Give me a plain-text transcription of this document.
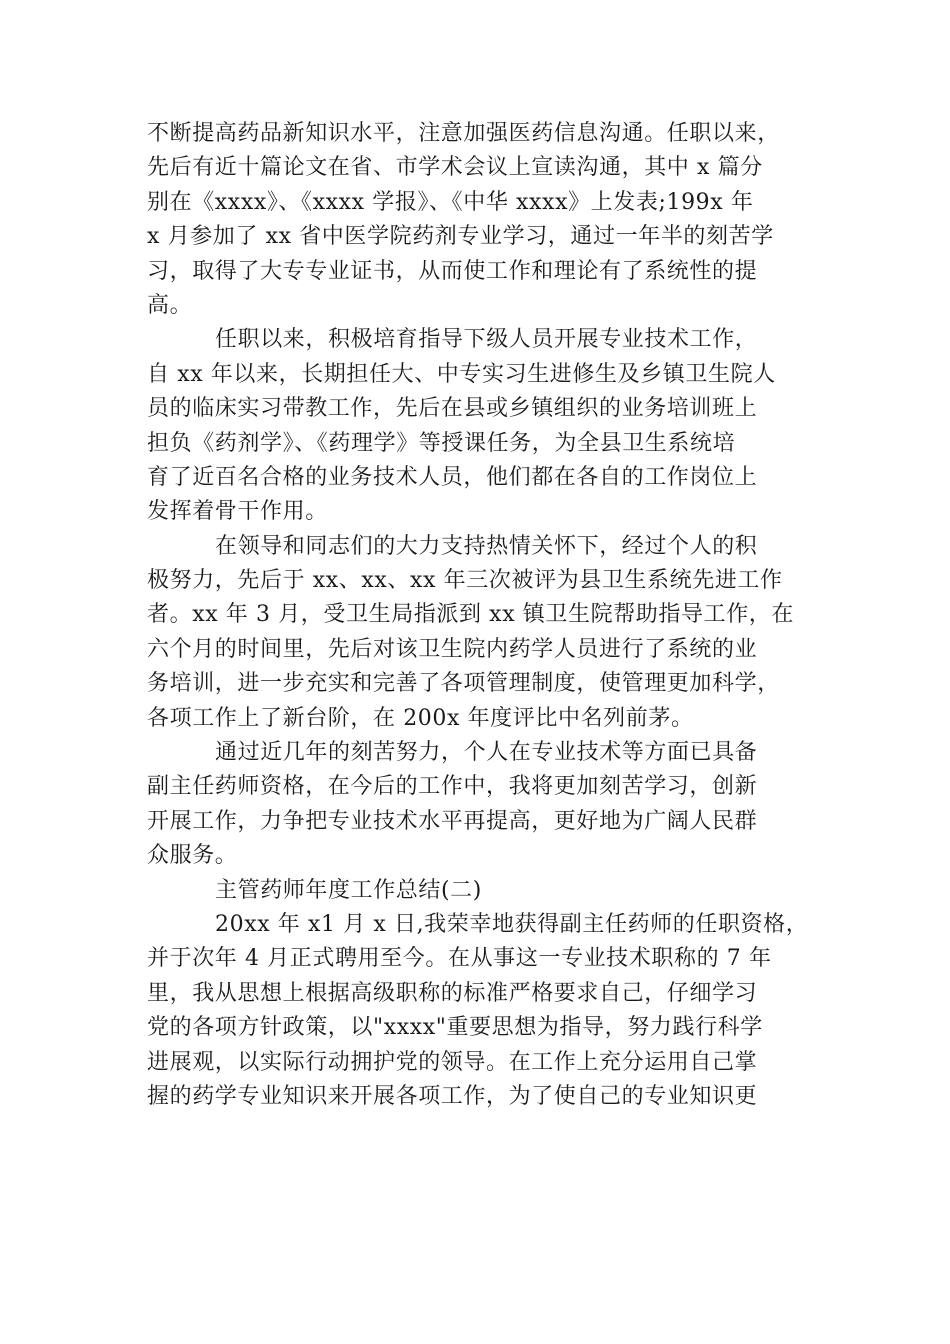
不断提高药品新知识水平，注意加强医药信息沟通。任职以来，
先后有近十篇论文在省、市学术会议上宣读沟通，其中 x 篇分
别在《xxxx》、《xxxx 学报》、《中华 xxxx》上发表;199x 年
x 月参加了 xx 省中医学院药剂专业学习，通过一年半的刻苦学
习，取得了大专专业证书，从而使工作和理论有了系统性的提
高。
任职以来，积极培育指导下级人员开展专业技术工作，
自 xx 年以来，长期担任大、中专实习生进修生及乡镇卫生院人
员的临床实习带教工作，先后在县或乡镇组织的业务培训班上
担负《药剂学》、《药理学》等授课任务，为全县卫生系统培
育了近百名合格的业务技术人员，他们都在各自的工作岗位上
发挥着骨干作用。
在领导和同志们的大力支持热情关怀下，经过个人的积
极努力，先后于 xx、xx、xx 年三次被评为县卫生系统先进工作
者。xx 年 3 月，受卫生局指派到 xx 镇卫生院帮助指导工作，在
六个月的时间里，先后对该卫生院内药学人员进行了系统的业
务培训，进一步充实和完善了各项管理制度，使管理更加科学，
各项工作上了新台阶，在 200x 年度评比中名列前茅。
通过近几年的刻苦努力，个人在专业技术等方面已具备
副主任药师资格，在今后的工作中，我将更加刻苦学习，创新
开展工作，力争把专业技术水平再提高，更好地为广阔人民群
众服务。
主管药师年度工作总结(二)
20xx 年 x1 月 x 日,我荣幸地获得副主任药师的任职资格，
并于次年 4 月正式聘用至今。在从事这一专业技术职称的 7 年
里，我从思想上根据高级职称的标准严格要求自己，仔细学习
党的各项方针政策，以"xxxx"重要思想为指导，努力践行科学
进展观，以实际行动拥护党的领导。在工作上充分运用自己掌
握的药学专业知识来开展各项工作，为了使自己的专业知识更
